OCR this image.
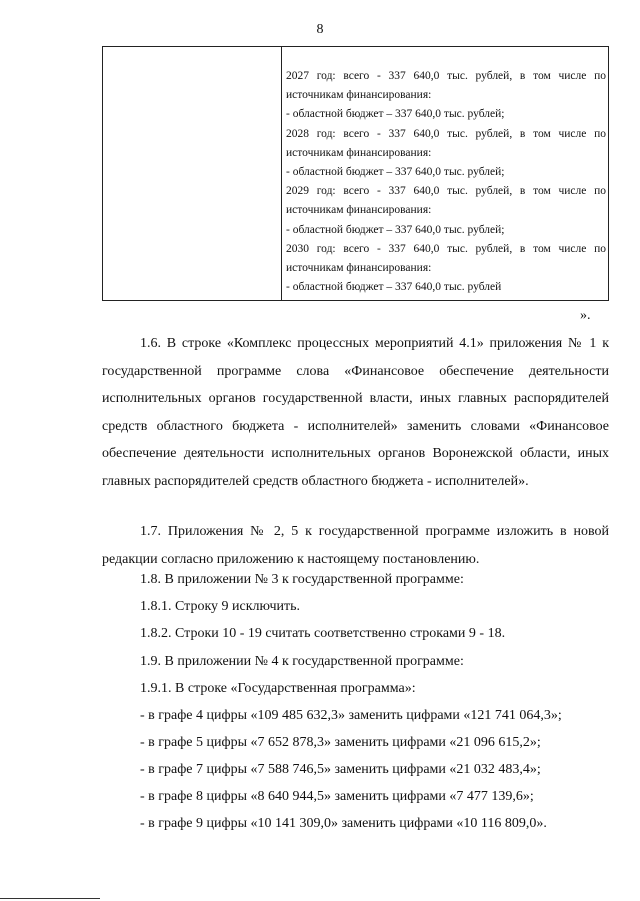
8
2027 год: всего - 337 640,0 тыс. рублей, в том числе по
источникам финансирования:
- областной бюджет – 337 640,0 тыс. рублей;
2028 год: всего - 337 640,0 тыс. рублей, в том числе по
источникам финансирования:
- областной бюджет – 337 640,0 тыс. рублей;
2029 год: всего - 337 640,0 тыс. рублей, в том числе по
источникам финансирования:
- областной бюджет – 337 640,0 тыс. рублей;
2030 год: всего - 337 640,0 тыс. рублей, в том числе по
источникам финансирования:
- областной бюджет – 337 640,0 тыс. рублей
».

1.6. В строке «Комплекс процессных мероприятий 4.1» приложения № 1 к государственной программе слова «Финансовое обеспечение деятельности исполнительных органов государственной власти, иных главных распорядителей средств областного бюджета - исполнителей» заменить словами «Финансовое обеспечение деятельности исполнительных органов Воронежской области, иных главных распорядителей средств областного бюджета - исполнителей».

1.7. Приложения № 2, 5 к государственной программе изложить в новой редакции согласно приложению к настоящему постановлению.

1.8. В приложении № 3 к государственной программе:
1.8.1. Строку 9 исключить.
1.8.2. Строки 10 - 19 считать соответственно строками 9 - 18.
1.9. В приложении № 4 к государственной программе:
1.9.1. В строке «Государственная программа»:
- в графе 4 цифры «109 485 632,3» заменить цифрами «121 741 064,3»;
- в графе 5 цифры «7 652 878,3» заменить цифрами «21 096 615,2»;
- в графе 7 цифры «7 588 746,5» заменить цифрами «21 032 483,4»;
- в графе 8 цифры «8 640 944,5» заменить цифрами «7 477 139,6»;
- в графе 9 цифры «10 141 309,0» заменить цифрами «10 116 809,0».
